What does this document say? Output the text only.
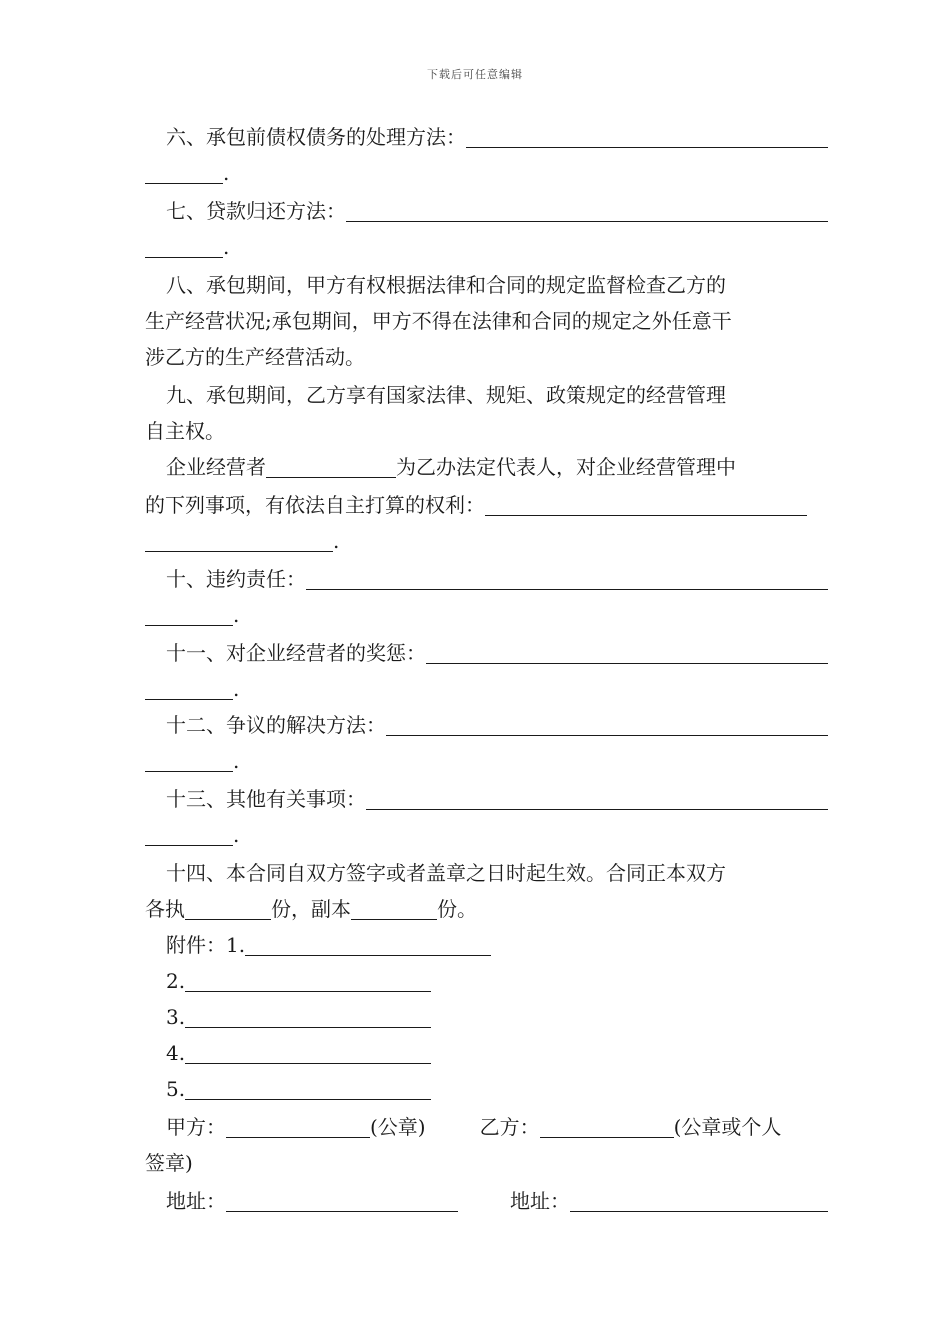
下载后可任意编辑
六、承包前债权债务的处理方法：
.
七、贷款归还方法：
.
八、承包期间，甲方有权根据法律和合同的规定监督检查乙方的
生产经营状况;承包期间，甲方不得在法律和合同的规定之外任意干
涉乙方的生产经营活动。
九、承包期间，乙方享有国家法律、规矩、政策规定的经营管理
自主权。
企业经营者	为乙办法定代表人，对企业经营管理中
的下列事项，有依法自主打算的权利：
.
十、违约责任：
.
十一、对企业经营者的奖惩：
.
十二、争议的解决方法：
.
十三、其他有关事项：
.
十四、本合同自双方签字或者盖章之日时起生效。合同正本双方
各执	份，副本	份。
附件：1.
2.
3.
4.
5.
甲方：	(公章)	乙方：	(公章或个人
签章)
地址：	地址：
